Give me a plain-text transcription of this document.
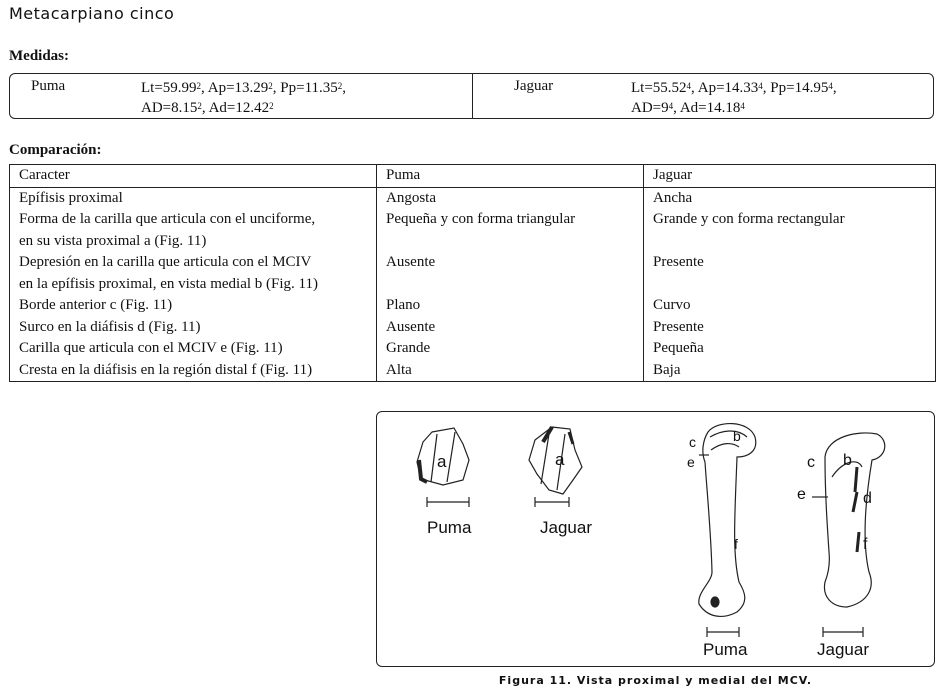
Metacarpiano cinco
Medidas:
Puma	$Lt=59.99^2$, $Ap=13.29^2$, $Pp=11.35^2$,
$AD=8.15^2$, $Ad=12.42^2$
Jaguar	$Lt=55.52^4$, $Ap=14.33^4$, $Pp=14.95^4$,
$AD=9^4$, $Ad=14.18^4$
Comparación:
Caracter	Puma	Jaguar

Epífisis proximal	Angosta	Ancha

Forma de la carilla que articula con el unciforme,
en su vista proximal a (Fig. 11)	Pequeña y con forma triangular	Grande y con forma rectangular

Depresión en la carilla que articula con el MCIV
en la epífisis proximal, en vista medial b (Fig. 11)	Ausente	Presente

Borde anterior c (Fig. 11)	Plano	Curvo

Surco en la diáfisis d (Fig. 11)	Ausente	Presente

Carilla que articula con el MCIV e (Fig. 11)	Grande	Pequeña

Cresta en la diáfisis en la región distal f (Fig. 11)	Alta	Baja
a	a
c	b
e
f
c b
e	d
f
Puma	Jaguar
Puma	Jaguar
Figura 11. Vista proximal y medial del MCV.
